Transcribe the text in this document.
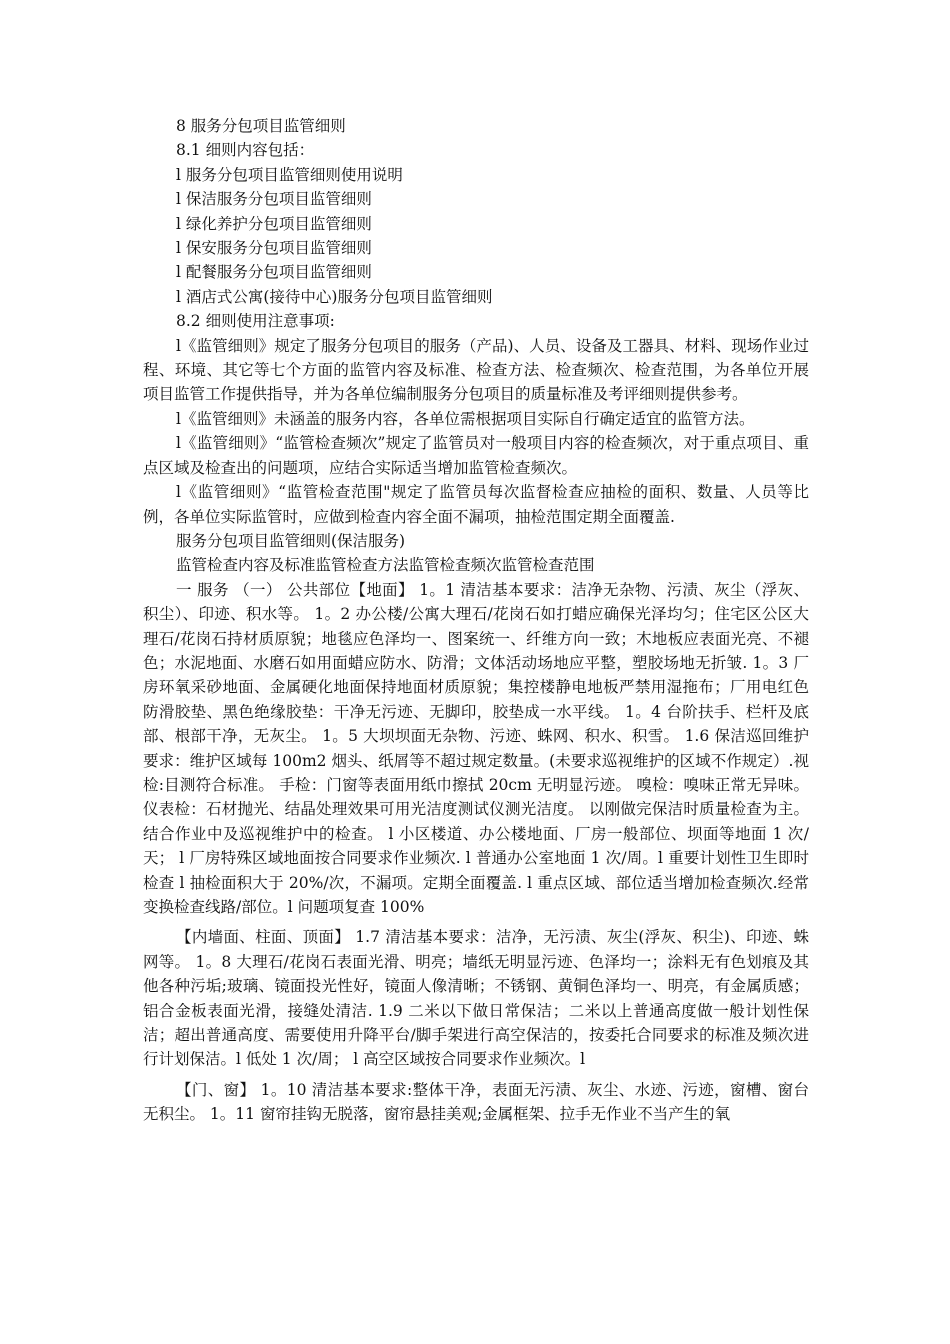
8 服务分包项目监管细则

8.1 细则内容包括：

l 服务分包项目监管细则使用说明

l 保洁服务分包项目监管细则

l 绿化养护分包项目监管细则

l 保安服务分包项目监管细则

l 配餐服务分包项目监管细则

l 酒店式公寓(接待中心)服务分包项目监管细则

8.2 细则使用注意事项:

l《监管细则》规定了服务分包项目的服务（产品)、人员、设备及工器具、材料、现场作业过程、环境、其它等七个方面的监管内容及标准、检查方法、检查频次、检查范围，为各单位开展项目监管工作提供指导，并为各单位编制服务分包项目的质量标准及考评细则提供参考。

l《监管细则》未涵盖的服务内容，各单位需根据项目实际自行确定适宜的监管方法。

l《监管细则》“监管检查频次”规定了监管员对一般项目内容的检查频次，对于重点项目、重点区域及检查出的问题项，应结合实际适当增加监管检查频次。

l《监管细则》“监管检查范围"规定了监管员每次监督检查应抽检的面积、数量、人员等比例，各单位实际监管时，应做到检查内容全面不漏项，抽检范围定期全面覆盖.

服务分包项目监管细则(保洁服务)

监管检查内容及标准监管检查方法监管检查频次监管检查范围

一 服务 （一） 公共部位【地面】 1。1 清洁基本要求：洁净无杂物、污渍、灰尘（浮灰、积尘）、印迹、积水等。 1。2 办公楼/公寓大理石/花岗石如打蜡应确保光泽均匀；住宅区公区大理石/花岗石持材质原貌；地毯应色泽均一、图案统一、纤维方向一致；木地板应表面光亮、不褪色；水泥地面、水磨石如用面蜡应防水、防滑；文体活动场地应平整，塑胶场地无折皱. 1。3 厂房环氧采砂地面、金属硬化地面保持地面材质原貌；集控楼静电地板严禁用湿拖布；厂用电红色防滑胶垫、黑色绝缘胶垫：干净无污迹、无脚印，胶垫成一水平线。 1。4 台阶扶手、栏杆及底部、根部干净，无灰尘。 1。5 大坝坝面无杂物、污迹、蛛网、积水、积雪。 1.6 保洁巡回维护要求：维护区域每 100m2 烟头、纸屑等不超过规定数量。(未要求巡视维护的区域不作规定）.视检:目测符合标准。 手检：门窗等表面用纸巾擦拭 20cm 无明显污迹。 嗅检：嗅味正常无异味。 仪表检：石材抛光、结晶处理效果可用光洁度测试仪测光洁度。 以刚做完保洁时质量检查为主。结合作业中及巡视维护中的检查。 l 小区楼道、办公楼地面、厂房一般部位、坝面等地面 1 次/天； l 厂房特殊区域地面按合同要求作业频次. l 普通办公室地面 1 次/周。l 重要计划性卫生即时检查 l 抽检面积大于 20%/次，不漏项。定期全面覆盖. l 重点区域、部位适当增加检查频次.经常变换检查线路/部位。l 问题项复查 100%

【内墙面、柱面、顶面】 1.7 清洁基本要求：洁净，无污渍、灰尘(浮灰、积尘)、印迹、蛛网等。 1。8 大理石/花岗石表面光滑、明亮；墙纸无明显污迹、色泽均一；涂料无有色划痕及其他各种污垢;玻璃、镜面投光性好，镜面人像清晰；不锈钢、黄铜色泽均一、明亮，有金属质感；铝合金板表面光滑，接缝处清洁. 1.9 二米以下做日常保洁；二米以上普通高度做一般计划性保洁；超出普通高度、需要使用升降平台/脚手架进行高空保洁的，按委托合同要求的标准及频次进行计划保洁。l 低处 1 次/周； l 高空区域按合同要求作业频次。l

【门、窗】 1。10 清洁基本要求:整体干净，表面无污渍、灰尘、水迹、污迹，窗槽、窗台无积尘。 1。11 窗帘挂钩无脱落，窗帘悬挂美观;金属框架、拉手无作业不当产生的氧
